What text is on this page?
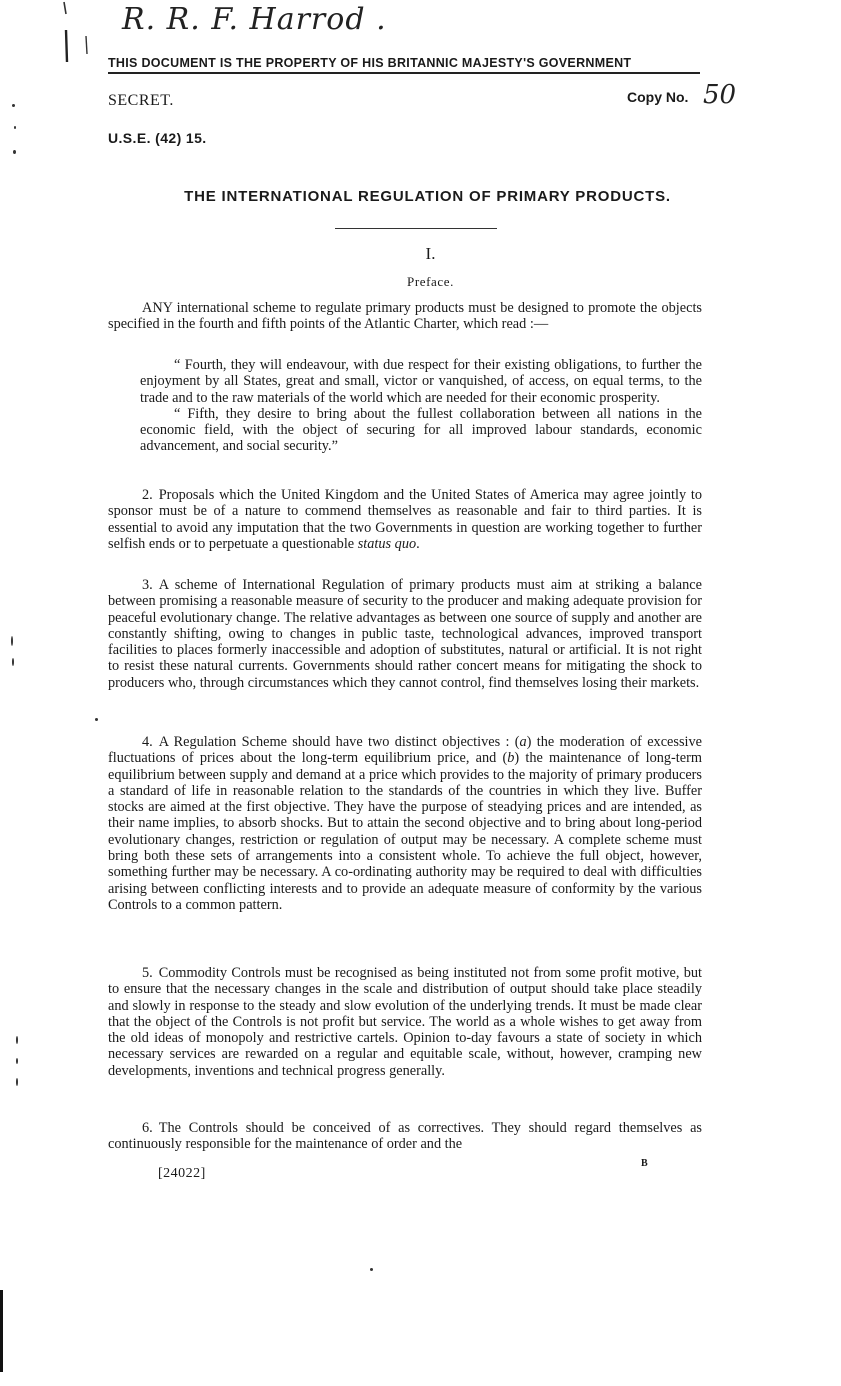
R. R. F. Harrod .
THIS DOCUMENT IS THE PROPERTY OF HIS BRITANNIC MAJESTY'S GOVERNMENT
SECRET.	Copy No. 50
U.S.E. (42) 15.
THE INTERNATIONAL REGULATION OF PRIMARY PRODUCTS.
I.
Preface.

ANY international scheme to regulate primary products must be designed to promote the objects specified in the fourth and fifth points of the Atlantic Charter, which read :—

“ Fourth, they will endeavour, with due respect for their existing obligations, to further the enjoyment by all States, great and small, victor or vanquished, of access, on equal terms, to the trade and to the raw materials of the world which are needed for their economic prosperity.

“ Fifth, they desire to bring about the fullest collaboration between all nations in the economic field, with the object of securing for all improved labour standards, economic advancement, and social security.”

2. Proposals which the United Kingdom and the United States of America may agree jointly to sponsor must be of a nature to commend themselves as reasonable and fair to third parties. It is essential to avoid any imputation that the two Governments in question are working together to further selfish ends or to perpetuate a questionable status quo.

3. A scheme of International Regulation of primary products must aim at striking a balance between promising a reasonable measure of security to the producer and making adequate provision for peaceful evolutionary change. The relative advantages as between one source of supply and another are constantly shifting, owing to changes in public taste, technological advances, improved transport facilities to places formerly inaccessible and adoption of substitutes, natural or artificial. It is not right to resist these natural currents. Governments should rather concert means for mitigating the shock to producers who, through circumstances which they cannot control, find themselves losing their markets.

4. A Regulation Scheme should have two distinct objectives : (a) the moderation of excessive fluctuations of prices about the long-term equilibrium price, and (b) the maintenance of long-term equilibrium between supply and demand at a price which provides to the majority of primary producers a standard of life in reasonable relation to the standards of the countries in which they live. Buffer stocks are aimed at the first objective. They have the purpose of steadying prices and are intended, as their name implies, to absorb shocks. But to attain the second objective and to bring about long-period evolutionary changes, restriction or regulation of output may be necessary. A complete scheme must bring both these sets of arrangements into a consistent whole. To achieve the full object, however, something further may be necessary. A co-ordinating authority may be required to deal with difficulties arising between conflicting interests and to provide an adequate measure of conformity by the various Controls to a common pattern.

5. Commodity Controls must be recognised as being instituted not from some profit motive, but to ensure that the necessary changes in the scale and distribution of output should take place steadily and slowly in response to the steady and slow evolution of the underlying trends. It must be made clear that the object of the Controls is not profit but service. The world as a whole wishes to get away from the old ideas of monopoly and restrictive cartels. Opinion to-day favours a state of society in which necessary services are rewarded on a regular and equitable scale, without, however, cramping new developments, inventions and technical progress generally.

6. The Controls should be conceived of as correctives. They should regard themselves as continuously responsible for the maintenance of order and the

[24022]
B
